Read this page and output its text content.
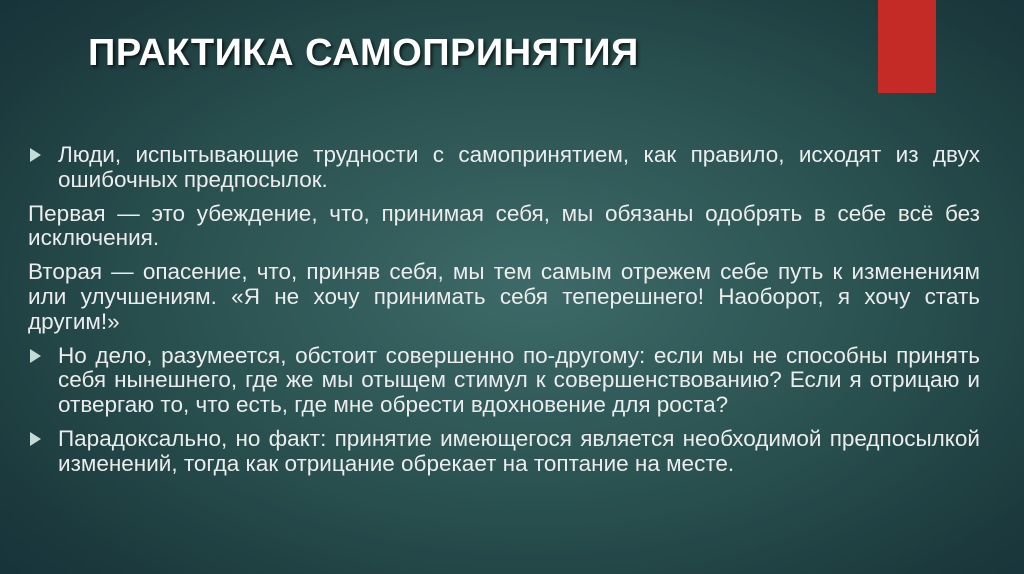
ПРАКТИКА САМОПРИНЯТИЯ

Люди, испытывающие трудности с самопринятием, как правило, исходят из двух ошибочных предпосылок.

Первая — это убеждение, что, принимая себя, мы обязаны одобрять в себе всё без исключения.

Вторая — опасение, что, приняв себя, мы тем самым отрежем себе путь к изменениям или улучшениям. «Я не хочу принимать себя теперешнего! Наоборот, я хочу стать другим!»

Но дело, разумеется, обстоит совершенно по-другому: если мы не способны принять себя нынешнего, где же мы отыщем стимул к совершенствованию? Если я отрицаю и отвергаю то, что есть, где мне обрести вдохновение для роста?

Парадоксально, но факт: принятие имеющегося является необходимой предпосылкой изменений, тогда как отрицание обрекает на топтание на месте.
